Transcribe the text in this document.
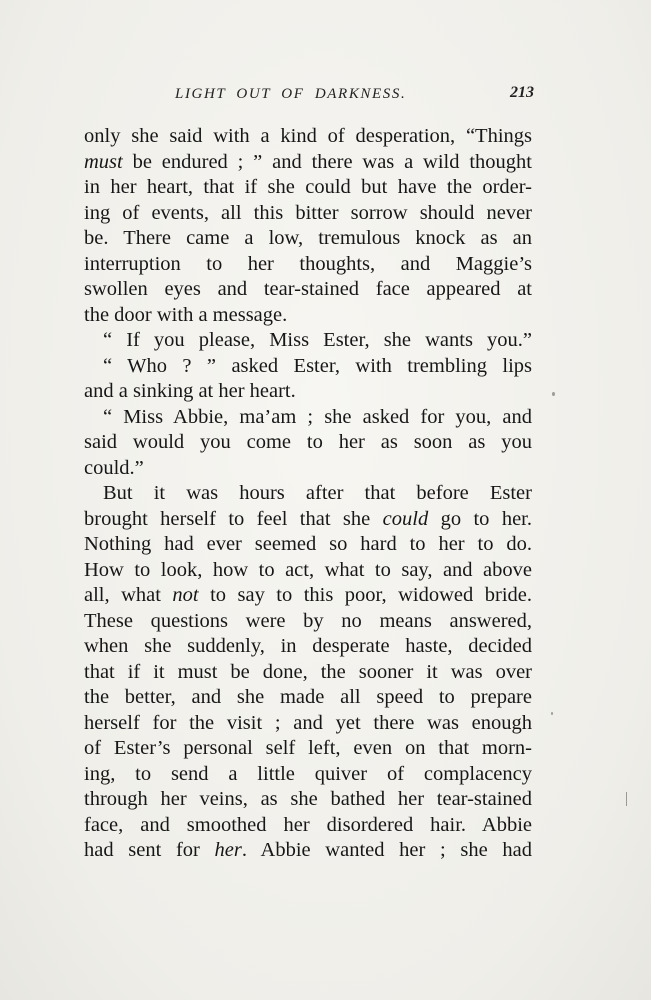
LIGHT OUT OF DARKNESS.	213
only she said with a kind of desperation, “Things
must be endured ; ” and there was a wild thought
in her heart, that if she could but have the order-
ing of events, all this bitter sorrow should never
be. There came a low, tremulous knock as an
interruption to her thoughts, and Maggie’s
swollen eyes and tear-stained face appeared at
the door with a message.
“ If you please, Miss Ester, she wants you.”
“ Who ? ” asked Ester, with trembling lips
and a sinking at her heart.
“ Miss Abbie, ma’am ; she asked for you, and
said would you come to her as soon as you
could.”
But it was hours after that before Ester
brought herself to feel that she could go to her.
Nothing had ever seemed so hard to her to do.
How to look, how to act, what to say, and above
all, what not to say to this poor, widowed bride.
These questions were by no means answered,
when she suddenly, in desperate haste, decided
that if it must be done, the sooner it was over
the better, and she made all speed to prepare
herself for the visit ; and yet there was enough
of Ester’s personal self left, even on that morn-
ing, to send a little quiver of complacency
through her veins, as she bathed her tear-stained
face, and smoothed her disordered hair. Abbie
had sent for her. Abbie wanted her ; she had
